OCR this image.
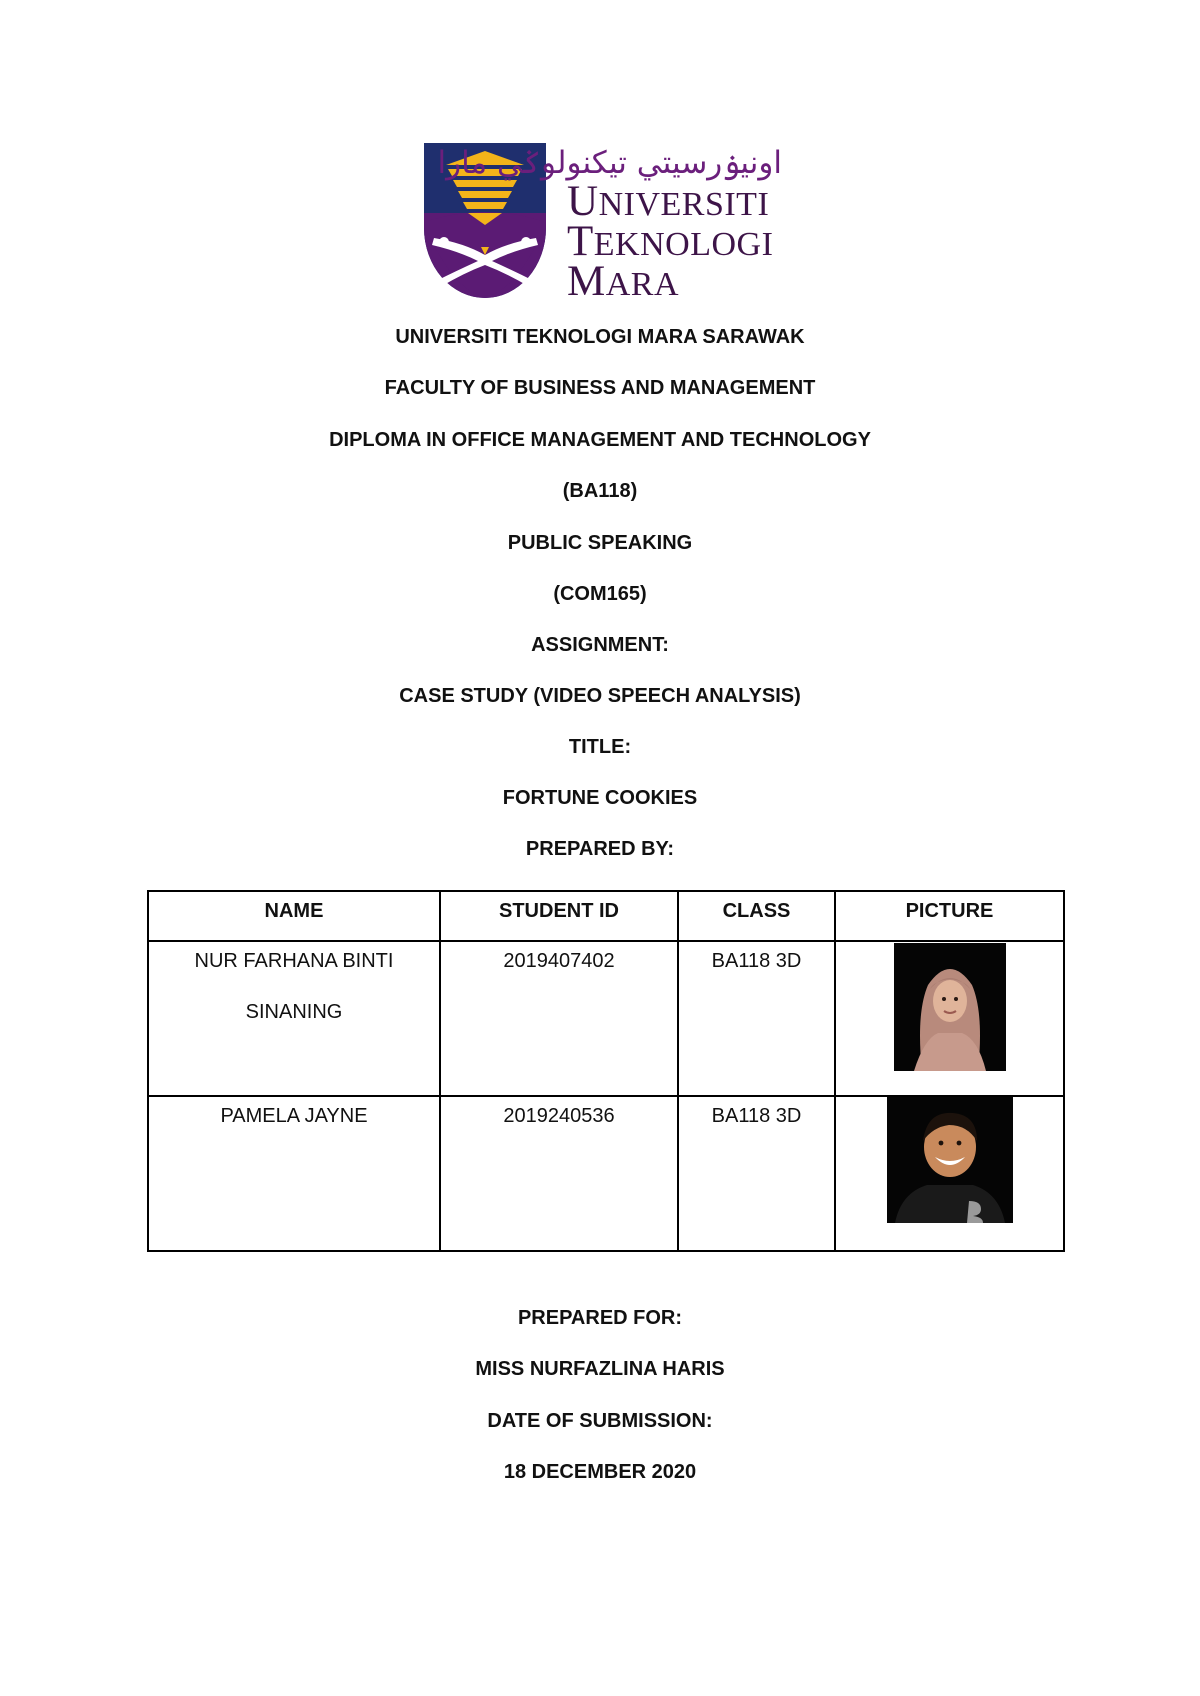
اونيۏرسيتي تيكنولوݢي مارا
UNIVERSITI
TEKNOLOGI
MARA
UNIVERSITI TEKNOLOGI MARA SARAWAK
FACULTY OF BUSINESS AND MANAGEMENT
DIPLOMA IN OFFICE MANAGEMENT AND TECHNOLOGY
(BA118)
PUBLIC SPEAKING
(COM165)
ASSIGNMENT:
CASE STUDY (VIDEO SPEECH ANALYSIS)
TITLE:
FORTUNE COOKIES
PREPARED BY:
NAME	STUDENT ID	CLASS	PICTURE

NUR FARHANA BINTI
SINANING	2019407402	BA118 3D	

PAMELA JAYNE	2019240536	BA118 3D	
PREPARED FOR:
MISS NURFAZLINA HARIS
DATE OF SUBMISSION:
18 DECEMBER 2020
